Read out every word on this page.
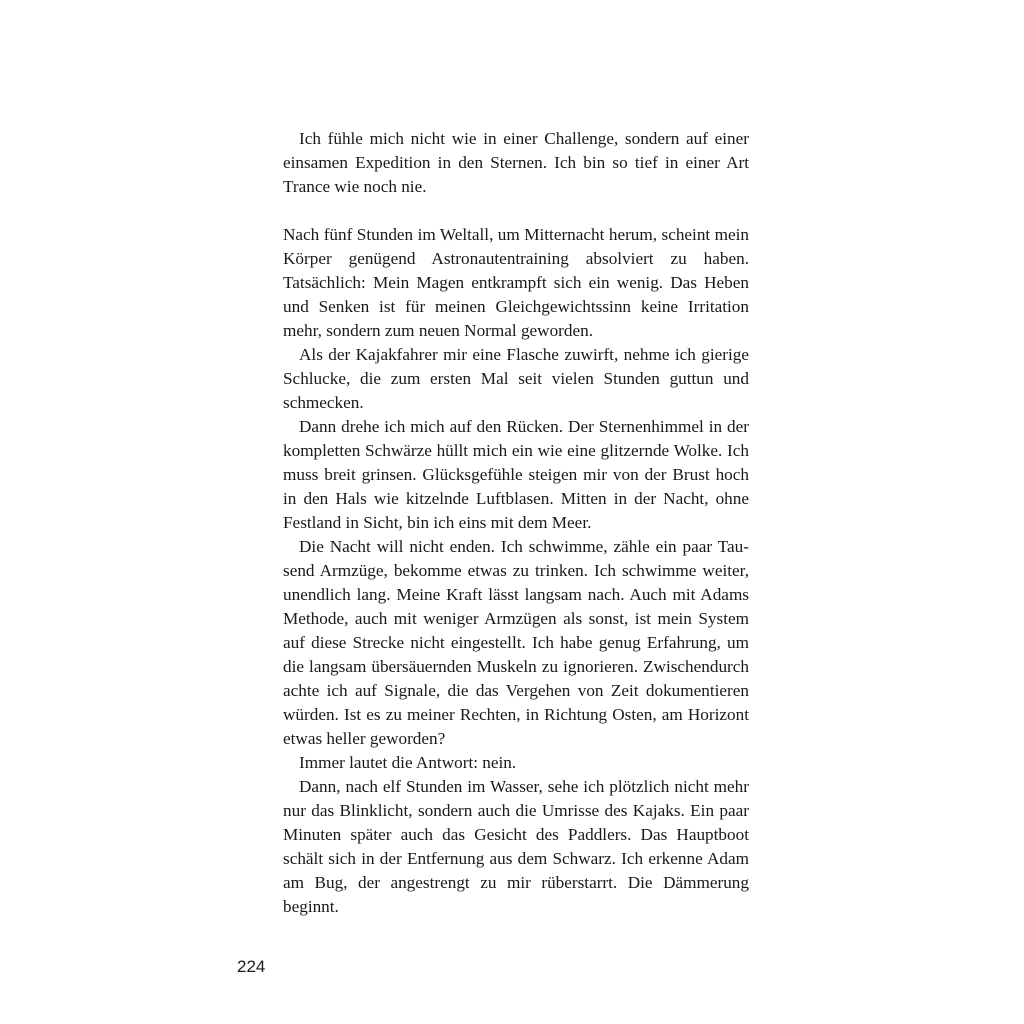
Ich fühle mich nicht wie in einer Challenge, sondern auf einer einsamen Expedition in den Sternen. Ich bin so tief in einer Art Trance wie noch nie.

Nach fünf Stunden im Weltall, um Mitternacht herum, scheint mein Körper genügend Astronautentraining absolviert zu haben. Tatsächlich: Mein Magen entkrampft sich ein wenig. Das Heben und Senken ist für meinen Gleichgewichtssinn keine Irritation mehr, sondern zum neuen Normal geworden.

Als der Kajakfahrer mir eine Flasche zuwirft, nehme ich gierige Schlucke, die zum ersten Mal seit vielen Stunden guttun und schmecken.

Dann drehe ich mich auf den Rücken. Der Sternenhimmel in der kompletten Schwärze hüllt mich ein wie eine glitzernde Wolke. Ich muss breit grinsen. Glücksgefühle steigen mir von der Brust hoch in den Hals wie kitzelnde Luftblasen. Mitten in der Nacht, ohne Festland in Sicht, bin ich eins mit dem Meer.

Die Nacht will nicht enden. Ich schwimme, zähle ein paar Tausend Armzüge, bekomme etwas zu trinken. Ich schwimme weiter, unendlich lang. Meine Kraft lässt langsam nach. Auch mit Adams Methode, auch mit weniger Armzügen als sonst, ist mein System auf diese Strecke nicht eingestellt. Ich habe genug Erfahrung, um die langsam übersäuernden Muskeln zu ignorieren. Zwischendurch achte ich auf Signale, die das Vergehen von Zeit dokumentieren würden. Ist es zu meiner Rechten, in Richtung Osten, am Horizont etwas heller geworden?

Immer lautet die Antwort: nein.

Dann, nach elf Stunden im Wasser, sehe ich plötzlich nicht mehr nur das Blinklicht, sondern auch die Umrisse des Kajaks. Ein paar Minuten später auch das Gesicht des Paddlers. Das Hauptboot schält sich in der Entfernung aus dem Schwarz. Ich erkenne Adam am Bug, der angestrengt zu mir rüberstarrt. Die Dämmerung beginnt.

224
